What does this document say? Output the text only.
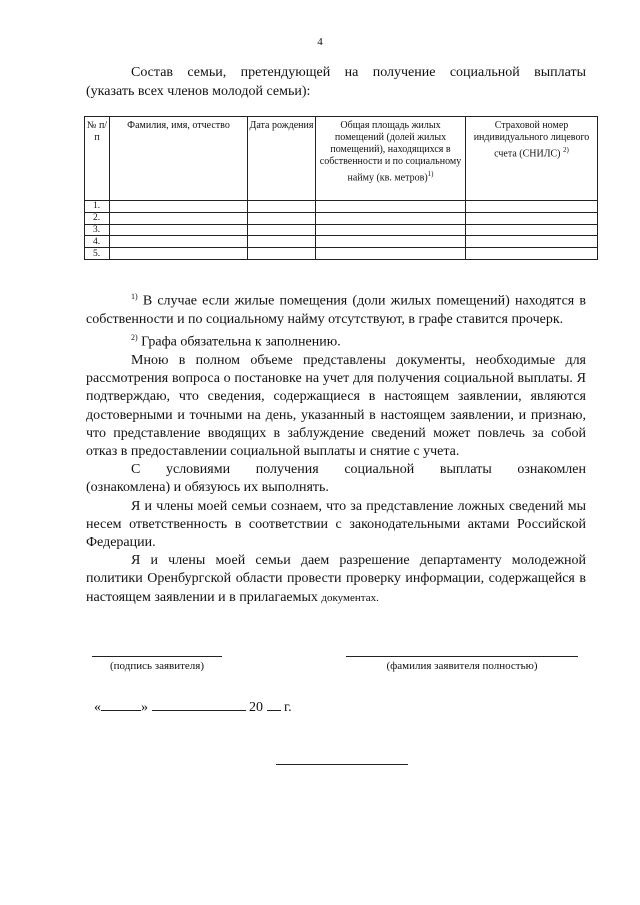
4
Состав семьи, претендующей на получение социальной выплаты
(указать всех членов молодой семьи):
№ п/п	Фамилия, имя, отчество	Дата рождения	Общая площадь жилых помещений (долей жилых помещений), находящихся в собственности и по социальному найму (кв. метров)$^{1)}$	Страховой номер индивидуального лицевого счета (СНИЛС) $^{2)}$
1.				
2.				
3.				
4.				
5.				

$^{1)}$ В случае если жилые помещения (доли жилых помещений) находятся в собственности и по социальному найму отсутствуют, в графе ставится прочерк.

$^{2)}$ Графа обязательна к заполнению.

Мною в полном объеме представлены документы, необходимые для рассмотрения вопроса о постановке на учет для получения социальной выплаты. Я подтверждаю, что сведения, содержащиеся в настоящем заявлении, являются достоверными и точными на день, указанный в настоящем заявлении, и признаю, что представление вводящих в заблуждение сведений может повлечь за собой отказ в предоставлении социальной выплаты и снятие с учета.

С условиями получения социальной выплаты ознакомлен

(ознакомлена) и обязуюсь их выполнять.

Я и члены моей семьи сознаем, что за представление ложных сведений мы несем ответственность в соответствии с законодательными актами Российской Федерации.

Я и члены моей семьи даем разрешение департаменту молодежной политики Оренбургской области провести проверку информации, содержащейся в настоящем заявлении и в прилагаемых документах.

(подпись заявителя)	(фамилия заявителя полностью)
«	»	20 г.
